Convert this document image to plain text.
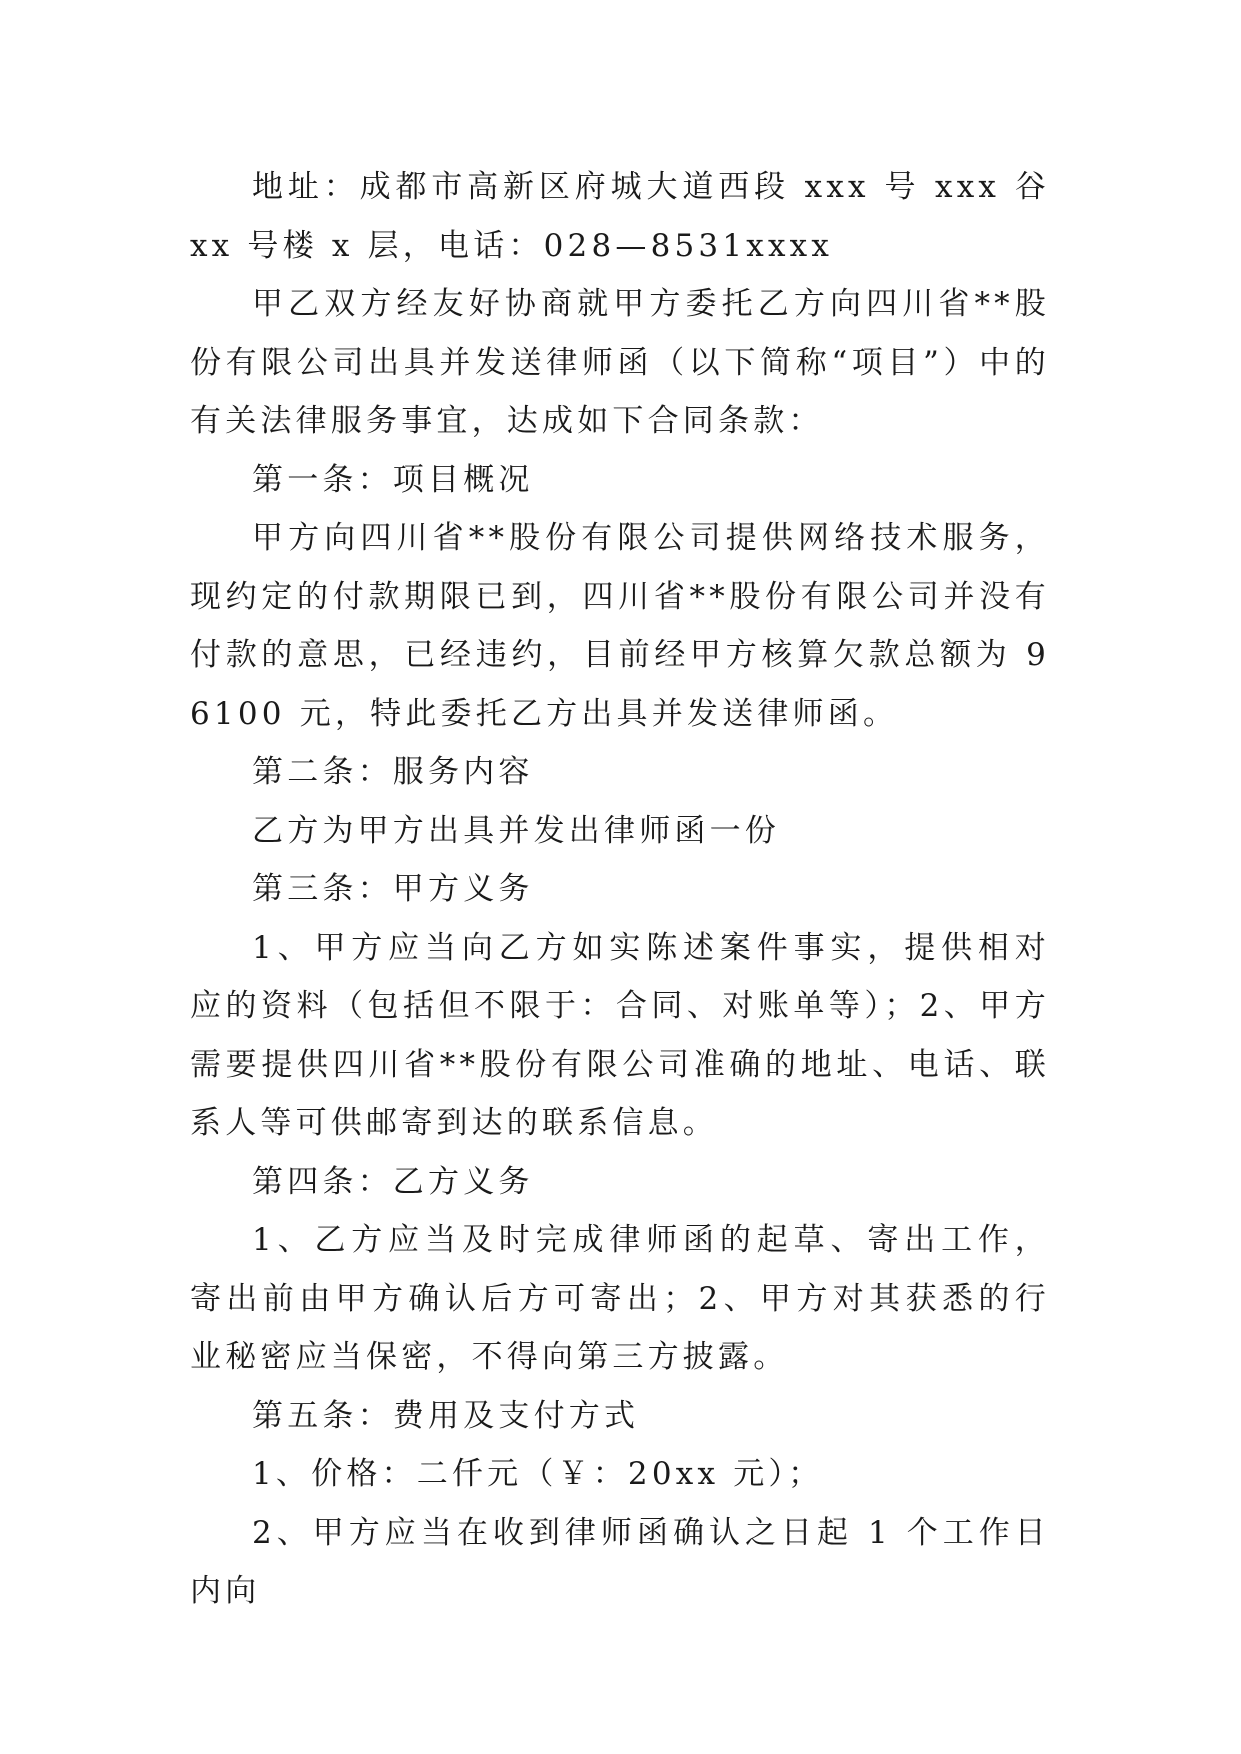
地址：成都市高新区府城大道西段 xxx 号 xxx 谷 xx 号楼 x 层，电话：028—8531xxxx

甲乙双方经友好协商就甲方委托乙方向四川省**股份有限公司出具并发送律师函（以下简称“项目”）中的有关法律服务事宜，达成如下合同条款：

第一条：项目概况

甲方向四川省**股份有限公司提供网络技术服务，现约定的付款期限已到，四川省**股份有限公司并没有付款的意思，已经违约，目前经甲方核算欠款总额为 96100 元，特此委托乙方出具并发送律师函。

第二条：服务内容

乙方为甲方出具并发出律师函一份

第三条：甲方义务

1、甲方应当向乙方如实陈述案件事实，提供相对应的资料（包括但不限于：合同、对账单等）；2、甲方需要提供四川省**股份有限公司准确的地址、电话、联系人等可供邮寄到达的联系信息。

第四条：乙方义务

1、乙方应当及时完成律师函的起草、寄出工作，寄出前由甲方确认后方可寄出；2、甲方对其获悉的行业秘密应当保密，不得向第三方披露。

第五条：费用及支付方式

1、价格：二仟元（￥：20xx 元）；

2、甲方应当在收到律师函确认之日起 1 个工作日内向
